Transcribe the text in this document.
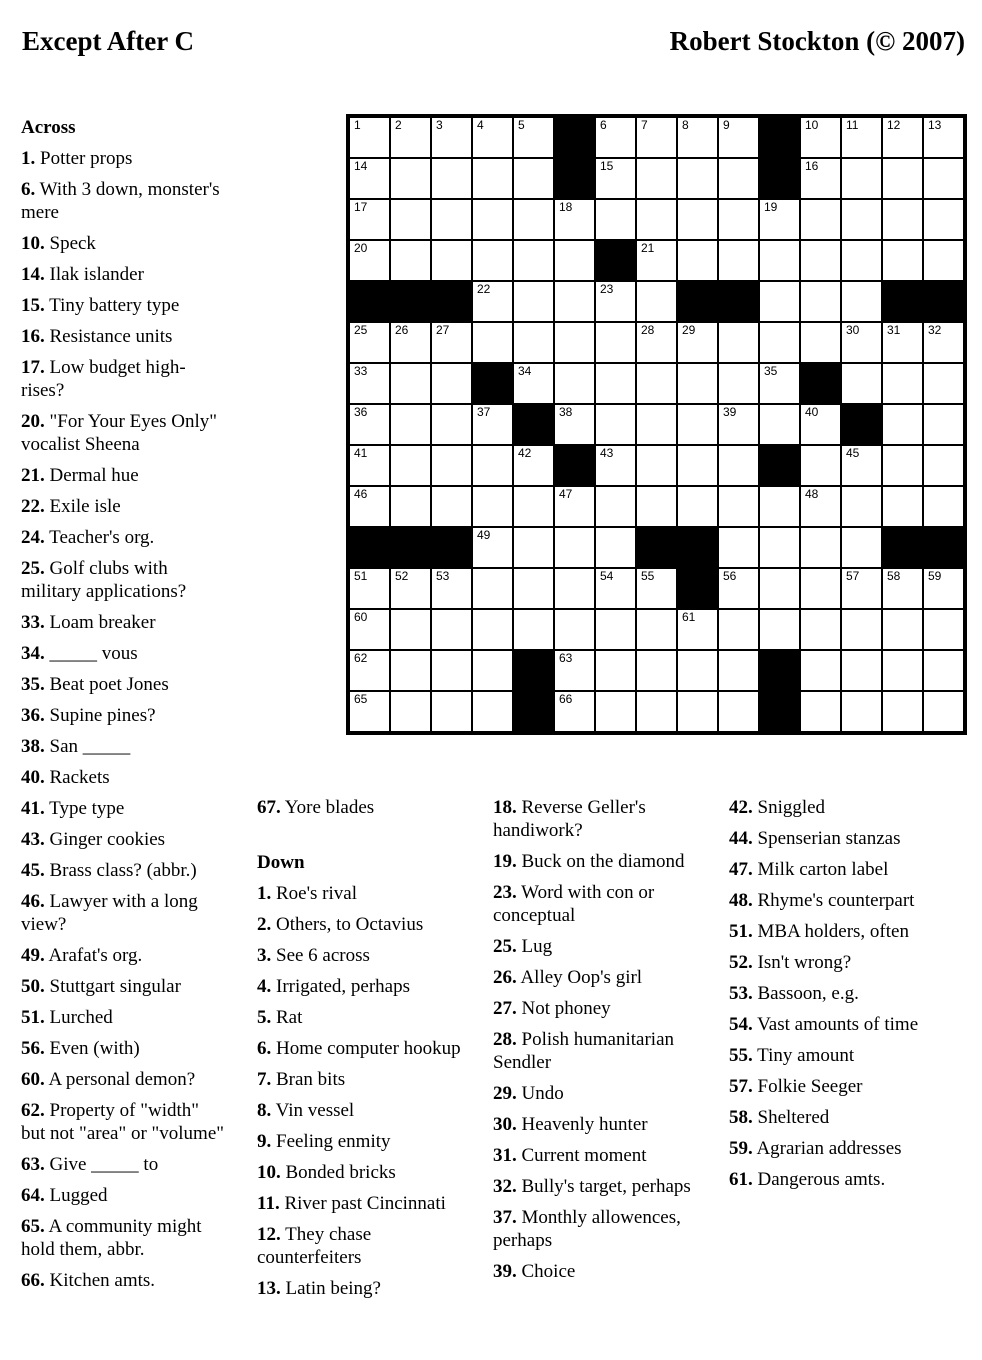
Except After C	Robert Stockton (© 2007)
Across
1. Potter props
6. With 3 down, monster's mere
10. Speck
14. Ilak islander
15. Tiny battery type
16. Resistance units
17. Low budget high-rises?
20. "For Your Eyes Only" vocalist Sheena
21. Dermal hue
22. Exile isle
24. Teacher's org.
25. Golf clubs with military applications?
33. Loam breaker
34. _____ vous
35. Beat poet Jones
36. Supine pines?
38. San _____
40. Rackets
41. Type type
43. Ginger cookies
45. Brass class? (abbr.)
46. Lawyer with a long view?
49. Arafat's org.
50. Stuttgart singular
51. Lurched
56. Even (with)
60. A personal demon?
62. Property of "width" but not "area" or "volume"
63. Give _____ to
64. Lugged
65. A community might hold them, abbr.
66. Kitchen amts.
67. Yore blades
Down
1. Roe's rival
2. Others, to Octavius
3. See 6 across
4. Irrigated, perhaps
5. Rat
6. Home computer hookup
7. Bran bits
8. Vin vessel
9. Feeling enmity
10. Bonded bricks
11. River past Cincinnati
12. They chase counterfeiters
13. Latin being?
18. Reverse Geller's handiwork?
19. Buck on the diamond
23. Word with con or conceptual
25. Lug
26. Alley Oop's girl
27. Not phoney
28. Polish humanitarian Sendler
29. Undo
30. Heavenly hunter
31. Current moment
32. Bully's target, perhaps
37. Monthly allowences, perhaps
39. Choice
42. Sniggled
44. Spenserian stanzas
47. Milk carton label
48. Rhyme's counterpart
51. MBA holders, often
52. Isn't wrong?
53. Bassoon, e.g.
54. Vast amounts of time
55. Tiny amount
57. Folkie Seeger
58. Sheltered
59. Agrarian addresses
61. Dangerous amts.
1	2	3	4	5	6	7	8	9	10 11 12 13
14	15	16
17	18	19
20	21
22	23
25 26 27	28 29	30 31 32
33	34	35
36	37	38	39	40
41	42	43	45
46	47	48
49
51 52 53	54 55	56	57 58 59
60	61
62	63
65	66
